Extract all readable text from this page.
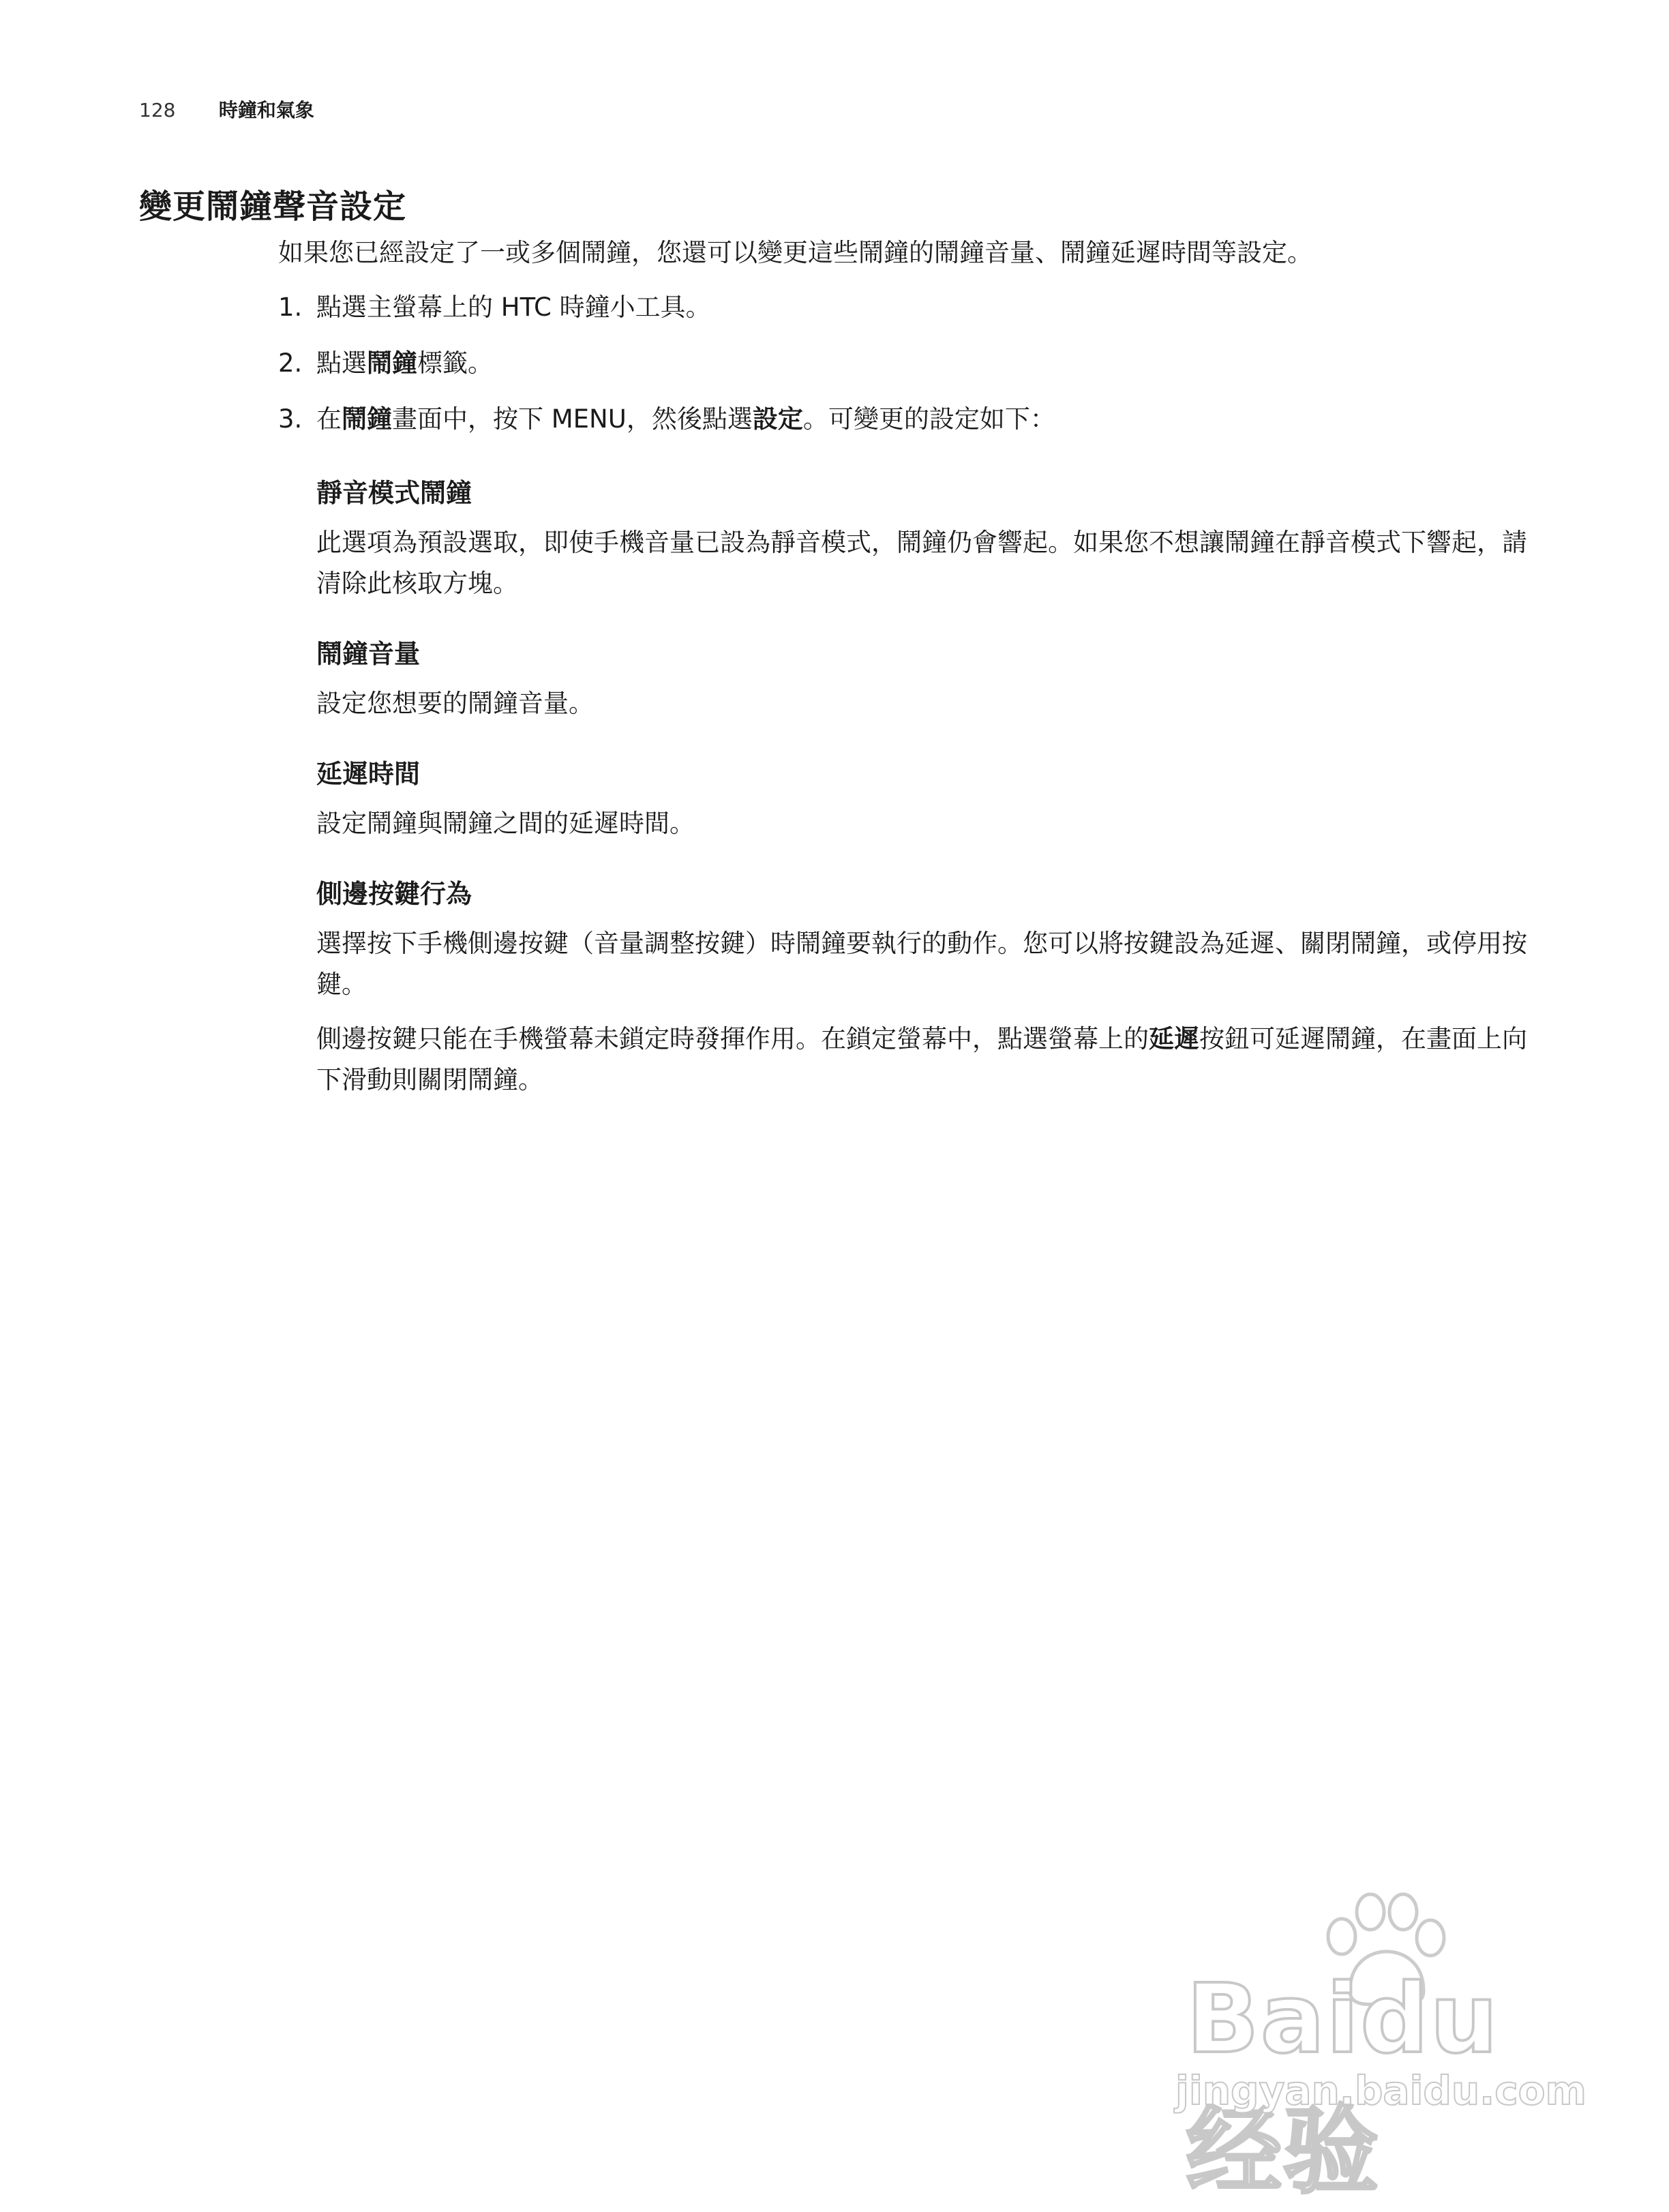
128 時鐘和氣象
變更鬧鐘聲音設定

如果您已經設定了一或多個鬧鐘，您還可以變更這些鬧鐘的鬧鐘音量、鬧鐘延遲時間等設定。

1. 點選主螢幕上的 HTC 時鐘小工具。
2. 點選鬧鐘標籤。
3. 在鬧鐘畫面中，按下 MENU，然後點選設定。可變更的設定如下：
靜音模式鬧鐘

此選項為預設選取，即使手機音量已設為靜音模式，鬧鐘仍會響起。如果您不想讓鬧鐘在靜音模式下響起，請清除此核取方塊。

鬧鐘音量

設定您想要的鬧鐘音量。

延遲時間

設定鬧鐘與鬧鐘之間的延遲時間。

側邊按鍵行為

選擇按下手機側邊按鍵（音量調整按鍵）時鬧鐘要執行的動作。您可以將按鍵設為延遲、關閉鬧鐘，或停用按鍵。

側邊按鍵只能在手機螢幕未鎖定時發揮作用。在鎖定螢幕中，點選螢幕上的延遲按鈕可延遲鬧鐘，在畫面上向下滑動則關閉鬧鐘。

Baidu经验
jingyan.baidu.com
